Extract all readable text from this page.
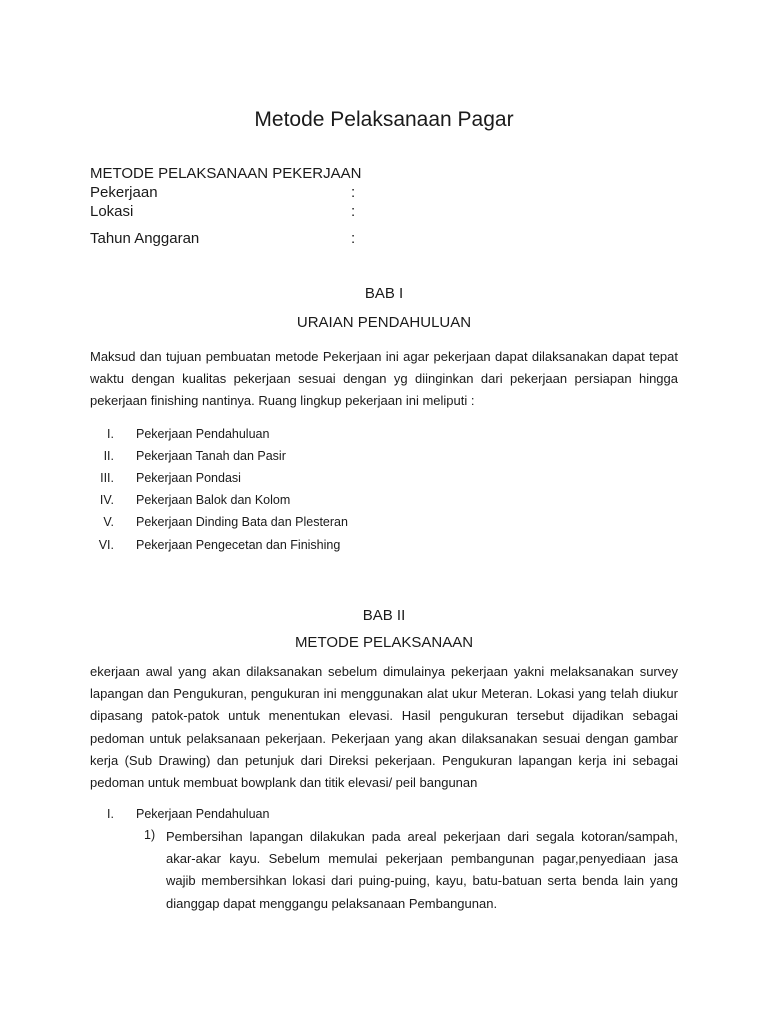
Metode Pelaksanaan Pagar
METODE PELAKSANAAN PEKERJAAN
Pekerjaan	:
Lokasi	:
Tahun Anggaran	:
BAB I
URAIAN PENDAHULUAN
Maksud dan tujuan pembuatan metode Pekerjaan ini agar pekerjaan dapat dilaksanakan dapat tepat waktu dengan kualitas pekerjaan sesuai dengan yg diinginkan dari pekerjaan persiapan hingga pekerjaan finishing nantinya. Ruang lingkup pekerjaan ini meliputi :
I. Pekerjaan Pendahuluan
II. Pekerjaan Tanah dan Pasir
III. Pekerjaan Pondasi
IV. Pekerjaan Balok dan Kolom
V. Pekerjaan Dinding Bata dan Plesteran
VI. Pekerjaan Pengecetan dan Finishing
BAB II
METODE PELAKSANAAN
ekerjaan awal yang akan dilaksanakan sebelum dimulainya pekerjaan yakni melaksanakan survey lapangan dan Pengukuran, pengukuran ini menggunakan alat ukur Meteran. Lokasi yang telah diukur dipasang patok-patok untuk menentukan elevasi. Hasil pengukuran tersebut dijadikan sebagai pedoman untuk pelaksanaan pekerjaan. Pekerjaan yang akan dilaksanakan sesuai dengan gambar kerja (Sub Drawing) dan petunjuk dari Direksi pekerjaan. Pengukuran lapangan kerja ini sebagai pedoman untuk membuat bowplank dan titik elevasi/ peil bangunan
I. Pekerjaan Pendahuluan
1) Pembersihan lapangan dilakukan pada areal pekerjaan dari segala kotoran/sampah, akar-akar kayu. Sebelum memulai pekerjaan pembangunan pagar,penyediaan jasa wajib membersihkan lokasi dari puing-puing, kayu, batu-batuan serta benda lain yang dianggap dapat menggangu pelaksanaan Pembangunan.
